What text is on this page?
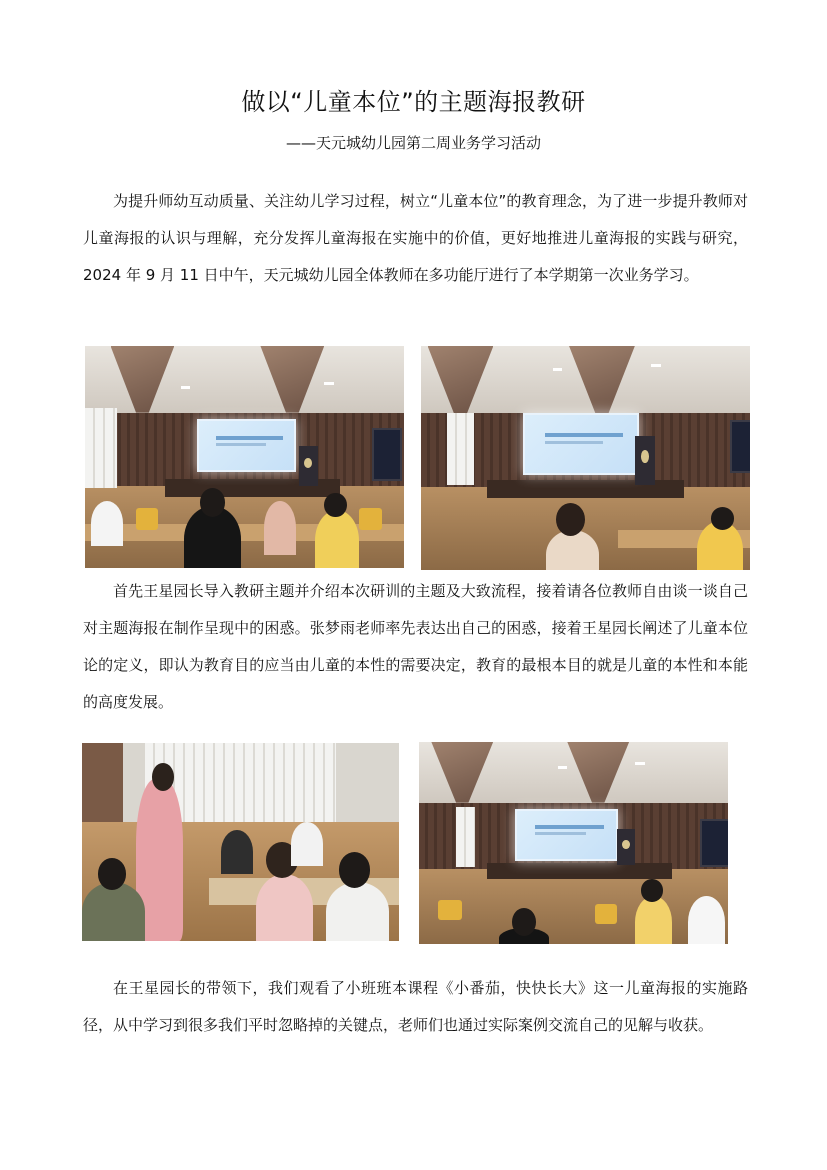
做以“儿童本位”的主题海报教研
——天元城幼儿园第二周业务学习活动

为提升师幼互动质量、关注幼儿学习过程，树立“儿童本位”的教育理念，为了进一步提升教师对儿童海报的认识与理解，充分发挥儿童海报在实施中的价值，更好地推进儿童海报的实践与研究，2024 年 9 月 11 日中午，天元城幼儿园全体教师在多功能厅进行了本学期第一次业务学习。

首先王星园长导入教研主题并介绍本次研训的主题及大致流程，接着请各位教师自由谈一谈自己对主题海报在制作呈现中的困惑。张梦雨老师率先表达出自己的困惑，接着王星园长阐述了儿童本位论的定义，即认为教育目的应当由儿童的本性的需要决定，教育的最根本目的就是儿童的本性和本能的高度发展。

在王星园长的带领下，我们观看了小班班本课程《小番茄，快快长大》这一儿童海报的实施路径，从中学习到很多我们平时忽略掉的关键点，老师们也通过实际案例交流自己的见解与收获。
